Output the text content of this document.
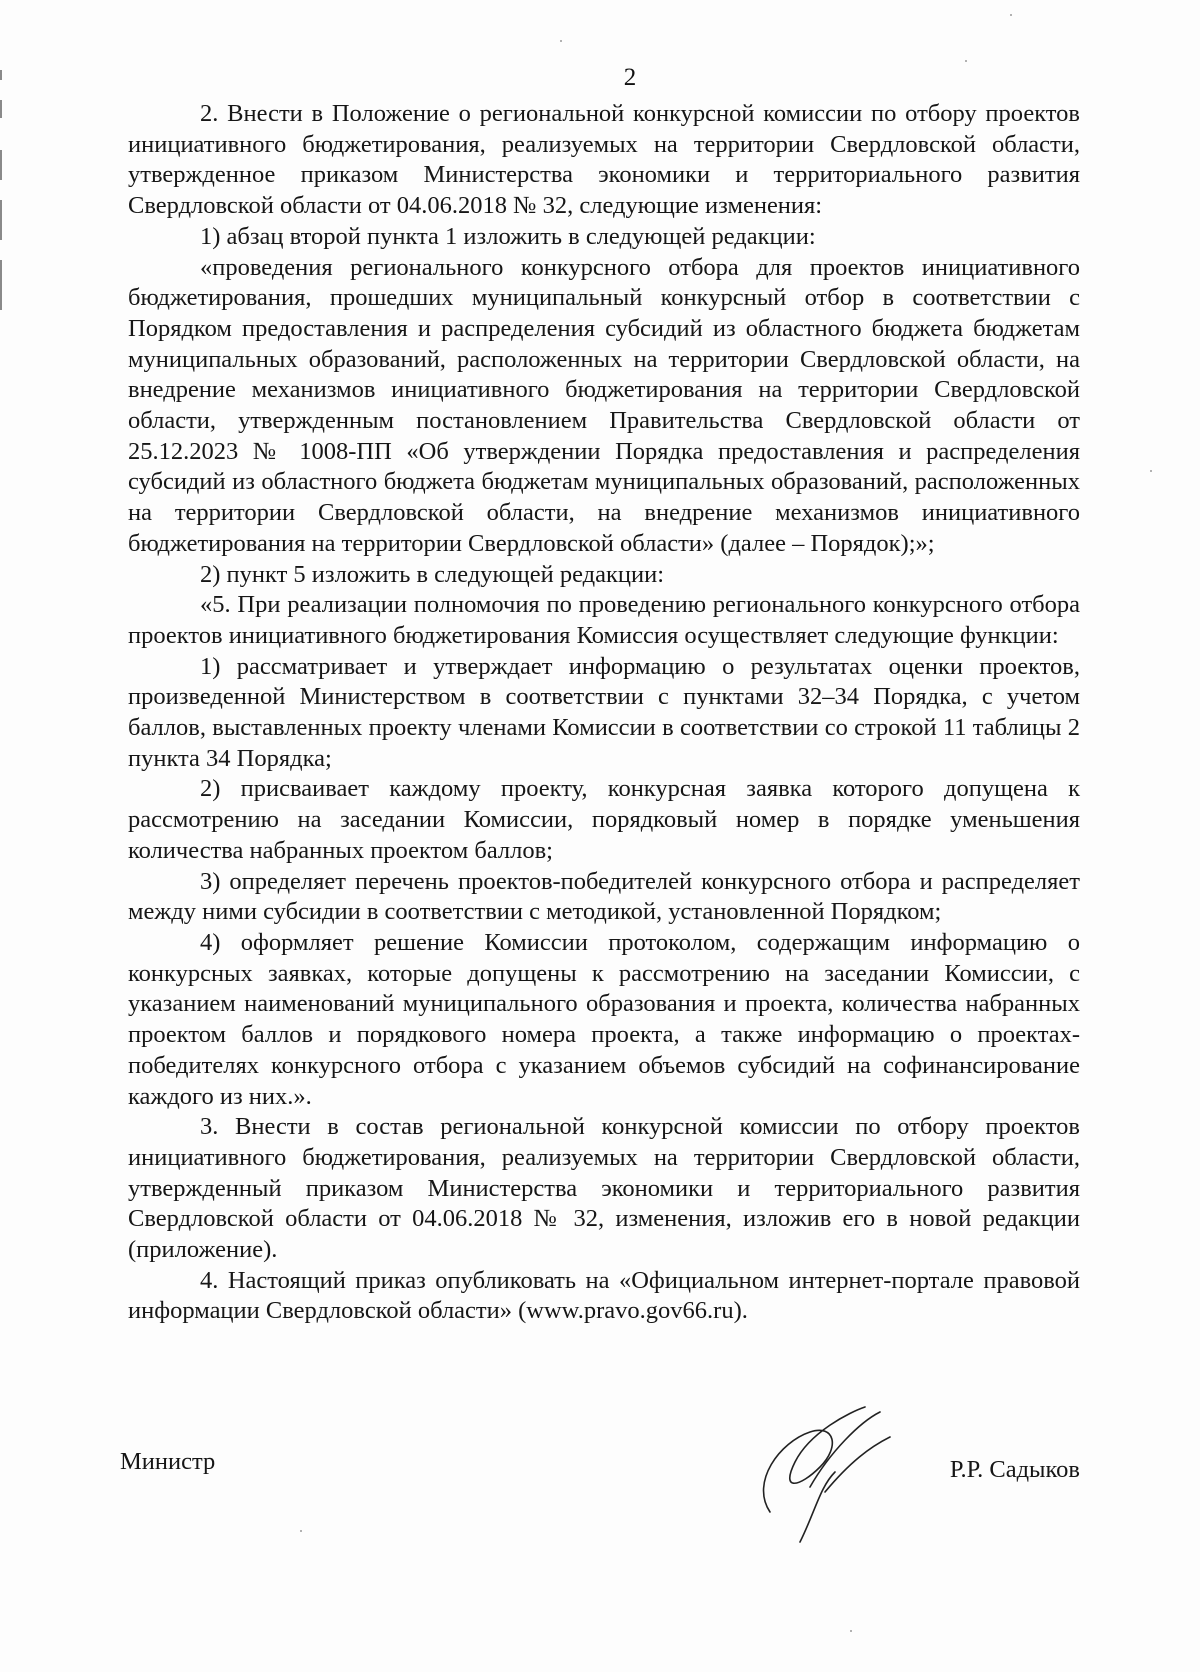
2

2. Внести в Положение о региональной конкурсной комиссии по отбору проектов инициативного бюджетирования, реализуемых на территории Свердловской области, утвержденное приказом Министерства экономики и территориального развития Свердловской области от 04.06.2018 № 32, следующие изменения:

1) абзац второй пункта 1 изложить в следующей редакции:

«проведения регионального конкурсного отбора для проектов инициативного бюджетирования, прошедших муниципальный конкурсный отбор в соответствии с Порядком предоставления и распределения субсидий из областного бюджета бюджетам муниципальных образований, расположенных на территории Свердловской области, на внедрение механизмов инициативного бюджетирования на территории Свердловской области, утвержденным постановлением Правительства Свердловской области от 25.12.2023 № 1008-ПП «Об утверждении Порядка предоставления и распределения субсидий из областного бюджета бюджетам муниципальных образований, расположенных на территории Свердловской области, на внедрение механизмов инициативного бюджетирования на территории Свердловской области» (далее – Порядок);»;

2) пункт 5 изложить в следующей редакции:

«5. При реализации полномочия по проведению регионального конкурсного отбора проектов инициативного бюджетирования Комиссия осуществляет следующие функции:

1) рассматривает и утверждает информацию о результатах оценки проектов, произведенной Министерством в соответствии с пунктами 32–34 Порядка, с учетом баллов, выставленных проекту членами Комиссии в соответствии со строкой 11 таблицы 2 пункта 34 Порядка;

2) присваивает каждому проекту, конкурсная заявка которого допущена к рассмотрению на заседании Комиссии, порядковый номер в порядке уменьшения количества набранных проектом баллов;

3) определяет перечень проектов-победителей конкурсного отбора и распределяет между ними субсидии в соответствии с методикой, установленной Порядком;

4) оформляет решение Комиссии протоколом, содержащим информацию о конкурсных заявках, которые допущены к рассмотрению на заседании Комиссии, с указанием наименований муниципального образования и проекта, количества набранных проектом баллов и порядкового номера проекта, а также информацию о проектах-победителях конкурсного отбора с указанием объемов субсидий на софинансирование каждого из них.».

3. Внести в состав региональной конкурсной комиссии по отбору проектов инициативного бюджетирования, реализуемых на территории Свердловской области, утвержденный приказом Министерства экономики и территориального развития Свердловской области от 04.06.2018 № 32, изменения, изложив его в новой редакции (приложение).

4. Настоящий приказ опубликовать на «Официальном интернет-портале правовой информации Свердловской области» (www.pravo.gov66.ru).

Министр	Р.Р. Садыков
